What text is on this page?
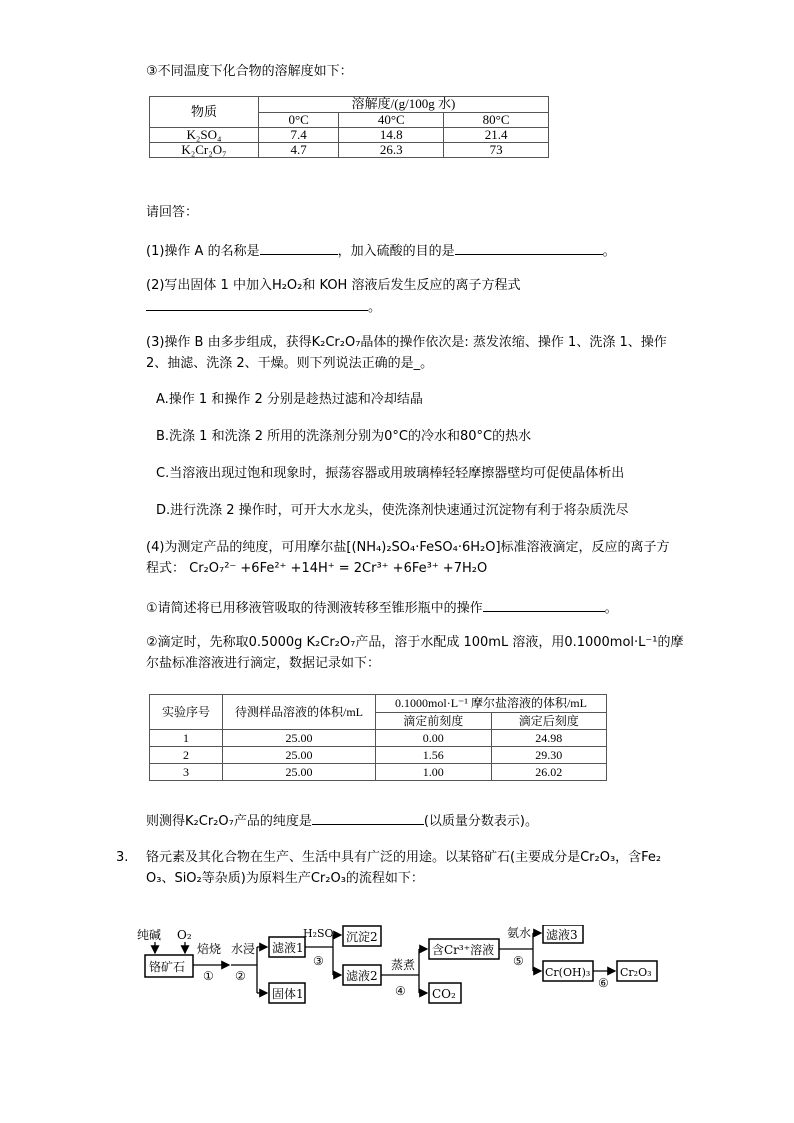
③不同温度下化合物的溶解度如下：
物质	溶解度/(g/100g 水)		
	0°C	40°C	80°C
K₂SO₄	7.4	14.8	21.4
K₂Cr₂O₇	4.7	26.3	73
请回答：
(1)操作 A 的名称是	，加入硫酸的目的是	。
(2)写出固体 1 中加入H₂O₂和 KOH 溶液后发生反应的离子方程式
。
(3)操作 B 由多步组成，获得K₂Cr₂O₇晶体的操作依次是: 蒸发浓缩、操作 1、洗涤 1、操作
2、抽滤、洗涤 2、干燥。则下列说法正确的是_。
A.操作 1 和操作 2 分别是趁热过滤和冷却结晶
B.洗涤 1 和洗涤 2 所用的洗涤剂分别为0°C的冷水和80°C的热水
C.当溶液出现过饱和现象时，振荡容器或用玻璃棒轻轻摩擦器壁均可促使晶体析出
D.进行洗涤 2 操作时，可开大水龙头，使洗涤剂快速通过沉淀物有利于将杂质洗尽
(4)为测定产品的纯度，可用摩尔盐[(NH₄)₂SO₄·FeSO₄·6H₂O]标准溶液滴定，反应的离子方
程式： Cr₂O₇²⁻ +6Fe²⁺ +14H⁺ = 2Cr³⁺ +6Fe³⁺ +7H₂O
①请简述将已用移液管吸取的待测液转移至锥形瓶中的操作	。
②滴定时，先称取0.5000g K₂Cr₂O₇产品，溶于水配成 100mL 溶液，用0.1000mol·L⁻¹的摩
尔盐标准溶液进行滴定，数据记录如下：
实验序号	待测样品溶液的体积/mL	0.1000mol·L⁻¹ 摩尔盐溶液的体积/mL	
		滴定前刻度	滴定后刻度
1	25.00	0.00	24.98
2	25.00	1.56	29.30
3	25.00	1.00	26.02
则测得K₂Cr₂O₇产品的纯度是	(以质量分数表示)。
3. 铬元素及其化合物在生产、生活中具有广泛的用途。以某铬矿石(主要成分是Cr₂O₃，含Fe₂
O₃、SiO₂等杂质)为原料生产Cr₂O₃的流程如下：
纯碱 O₂
铬矿石
焙烧
①
水浸
②
滤液1
固体1
H₂SO₄
③
沉淀2
滤液2
蒸煮
④
含Cr³⁺溶液
CO₂
氨水
⑤
滤液3
Cr(OH)₃
⑥
Cr₂O₃
